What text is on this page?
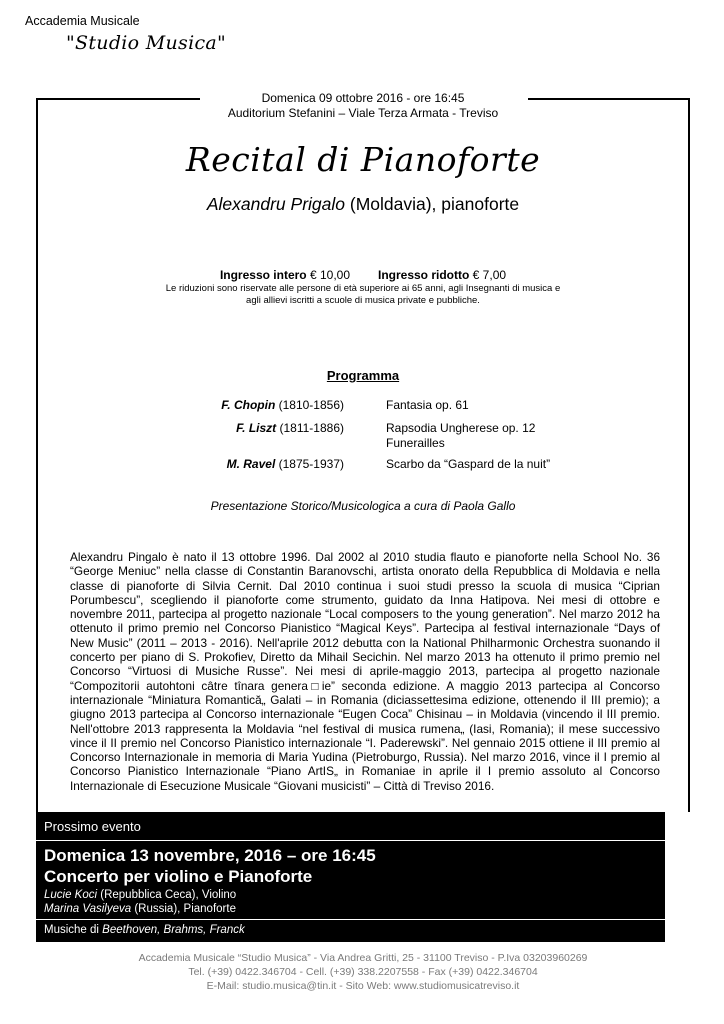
Accademia Musicale
"Studio Musica"
Domenica 09 ottobre 2016 - ore 16:45
Auditorium Stefanini – Viale Terza Armata - Treviso
Recital di Pianoforte
Alexandru Prigalo (Moldavia), pianoforte
Ingresso intero € 10,00 Ingresso ridotto € 7,00
Le riduzioni sono riservate alle persone di età superiore ai 65 anni, agli Insegnanti di musica e
agli allievi iscritti a scuole di musica private e pubbliche.
Programma
F. Chopin (1810-1856)	Fantasia op. 61
F. Liszt (1811-1886)	Rapsodia Ungherese op. 12
Funerailles
M. Ravel (1875-1937)	Scarbo da “Gaspard de la nuit”
Presentazione Storico/Musicologica a cura di Paola Gallo
Alexandru Pingalo è nato il 13 ottobre 1996. Dal 2002 al 2010 studia flauto e pianoforte nella School No. 36 “George Meniuc” nella classe di Constantin Baranovschi, artista onorato della Repubblica di Moldavia e nella classe di pianoforte di Silvia Cernit. Dal 2010 continua i suoi studi presso la scuola di musica “Ciprian Porumbescu”, scegliendo il pianoforte come strumento, guidato da Inna Hatipova. Nei mesi di ottobre e novembre 2011, partecipa al progetto nazionale “Local composers to the young generation”. Nel marzo 2012 ha ottenuto il primo premio nel Concorso Pianistico “Magical Keys”. Partecipa al festival internazionale “Days of New Music” (2011 – 2013 - 2016). Nell'aprile 2012 debutta con la National Philharmonic Orchestra suonando il concerto per piano di S. Prokofiev, Diretto da Mihail Secichin. Nel marzo 2013 ha ottenuto il primo premio nel Concorso “Virtuosi di Musiche Russe”. Nei mesi di aprile-maggio 2013, partecipa al progetto nazionale “Compozitorii autohtoni câtre tînara genera□ie” seconda edizione. A maggio 2013 partecipa al Concorso internazionale “Miniatura Romantică„ Galati – in Romania (diciassettesima edizione, ottenendo il III premio); a giugno 2013 partecipa al Concorso internazionale “Eugen Coca” Chisinau – in Moldavia (vincendo il III premio. Nell'ottobre 2013 rappresenta la Moldavia “nel festival di musica rumena„ (Iasi, Romania); il mese successivo vince il II premio nel Concorso Pianistico internazionale “I. Paderewski”. Nel gennaio 2015 ottiene il III premio al Concorso Internazionale in memoria di Maria Yudina (Pietroburgo, Russia). Nel marzo 2016, vince il I premio al Concorso Pianistico Internazionale “Piano ArtIS„ in Romaniae in aprile il I premio assoluto al Concorso Internazionale di Esecuzione Musicale “Giovani musicisti” – Città di Treviso 2016.
Prossimo evento
Domenica 13 novembre, 2016 – ore 16:45
Concerto per violino e Pianoforte
Lucie Koci (Repubblica Ceca), Violino
Marina Vasilyeva (Russia), Pianoforte
Musiche di Beethoven, Brahms, Franck
Accademia Musicale “Studio Musica” - Via Andrea Gritti, 25 - 31100 Treviso - P.Iva 03203960269
Tel. (+39) 0422.346704 - Cell. (+39) 338.2207558 - Fax (+39) 0422.346704
E-Mail: studio.musica@tin.it - Sito Web: www.studiomusicatreviso.it
